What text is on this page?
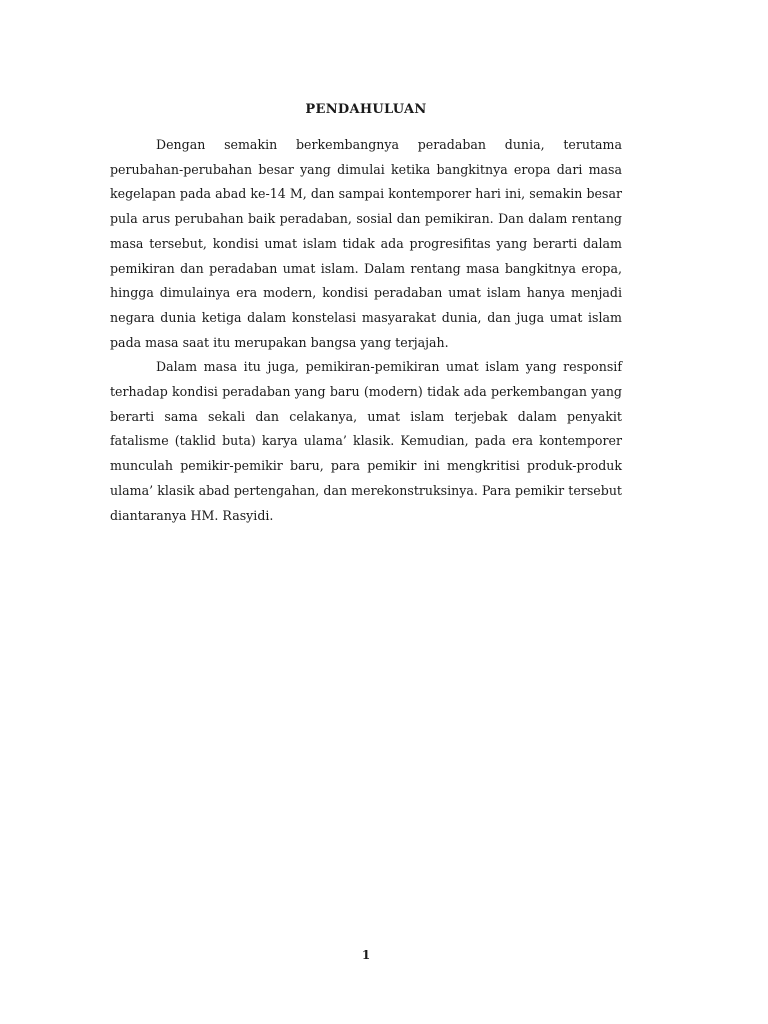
PENDAHULUAN

Dengan semakin berkembangnya peradaban dunia, terutama perubahan-perubahan besar yang dimulai ketika bangkitnya eropa dari masa kegelapan pada abad ke-14 M, dan sampai kontemporer hari ini, semakin besar pula arus perubahan baik peradaban, sosial dan pemikiran. Dan dalam rentang masa tersebut, kondisi umat islam tidak ada progresifitas yang berarti dalam pemikiran dan peradaban umat islam. Dalam rentang masa bangkitnya eropa, hingga dimulainya era modern, kondisi peradaban umat islam hanya menjadi negara dunia ketiga dalam konstelasi masyarakat dunia, dan juga umat islam pada masa saat itu merupakan bangsa yang terjajah.

Dalam masa itu juga, pemikiran-pemikiran umat islam yang responsif terhadap kondisi peradaban yang baru (modern) tidak ada perkembangan yang berarti sama sekali dan celakanya, umat islam terjebak dalam penyakit fatalisme (taklid buta) karya ulama’ klasik. Kemudian, pada era kontemporer munculah pemikir-pemikir baru, para pemikir ini mengkritisi produk-produk ulama’ klasik abad pertengahan, dan merekonstruksinya. Para pemikir tersebut diantaranya HM. Rasyidi.

1
